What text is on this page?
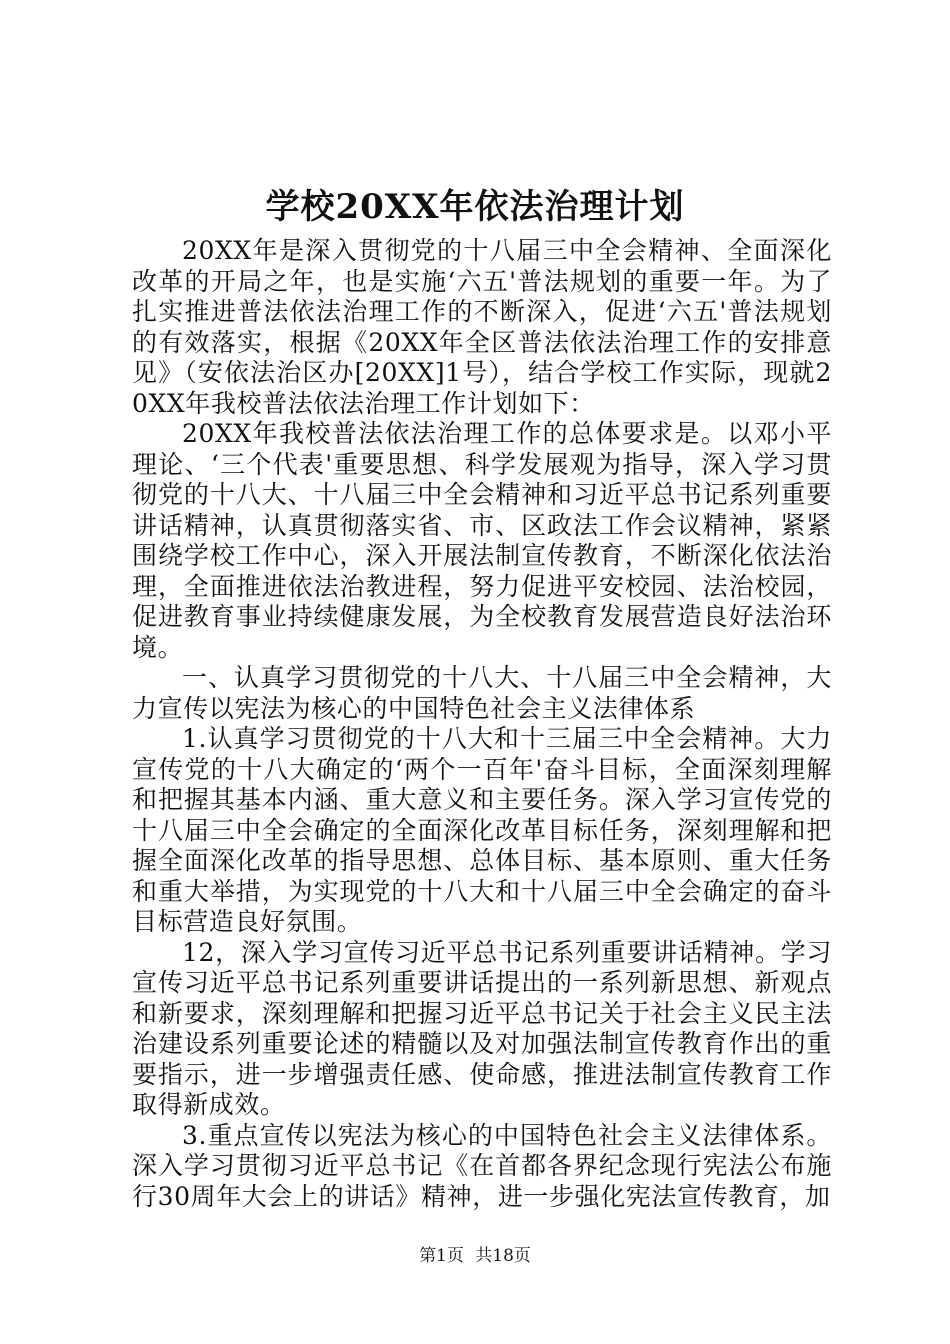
学校20XX年依法治理计划

20XX年是深入贯彻党的十八届三中全会精神、全面深化改革的开局之年，也是实施‘六五'普法规划的重要一年。为了扎实推进普法依法治理工作的不断深入，促进‘六五'普法规划的有效落实，根据《20XX年全区普法依法治理工作的安排意见》（安依法治区办[20XX]1号），结合学校工作实际，现就20XX年我校普法依法治理工作计划如下：

20XX年我校普法依法治理工作的总体要求是。以邓小平理论、‘三个代表'重要思想、科学发展观为指导，深入学习贯彻党的十八大、十八届三中全会精神和习近平总书记系列重要讲话精神，认真贯彻落实省、市、区政法工作会议精神，紧紧围绕学校工作中心，深入开展法制宣传教育，不断深化依法治理，全面推进依法治教进程，努力促进平安校园、法治校园，促进教育事业持续健康发展，为全校教育发展营造良好法治环境。

一、认真学习贯彻党的十八大、十八届三中全会精神，大力宣传以宪法为核心的中国特色社会主义法律体系

1.认真学习贯彻党的十八大和十三届三中全会精神。大力宣传党的十八大确定的‘两个一百年'奋斗目标，全面深刻理解和把握其基本内涵、重大意义和主要任务。深入学习宣传党的十八届三中全会确定的全面深化改革目标任务，深刻理解和把握全面深化改革的指导思想、总体目标、基本原则、重大任务和重大举措，为实现党的十八大和十八届三中全会确定的奋斗目标营造良好氛围。

12，深入学习宣传习近平总书记系列重要讲话精神。学习宣传习近平总书记系列重要讲话提出的一系列新思想、新观点和新要求，深刻理解和把握习近平总书记关于社会主义民主法治建设系列重要论述的精髓以及对加强法制宣传教育作出的重要指示，进一步增强责任感、使命感，推进法制宣传教育工作取得新成效。

3.重点宣传以宪法为核心的中国特色社会主义法律体系。深入学习贯彻习近平总书记《在首都各界纪念现行宪法公布施行30周年大会上的讲话》精神，进一步强化宪法宣传教育，加

第1页 共18页
